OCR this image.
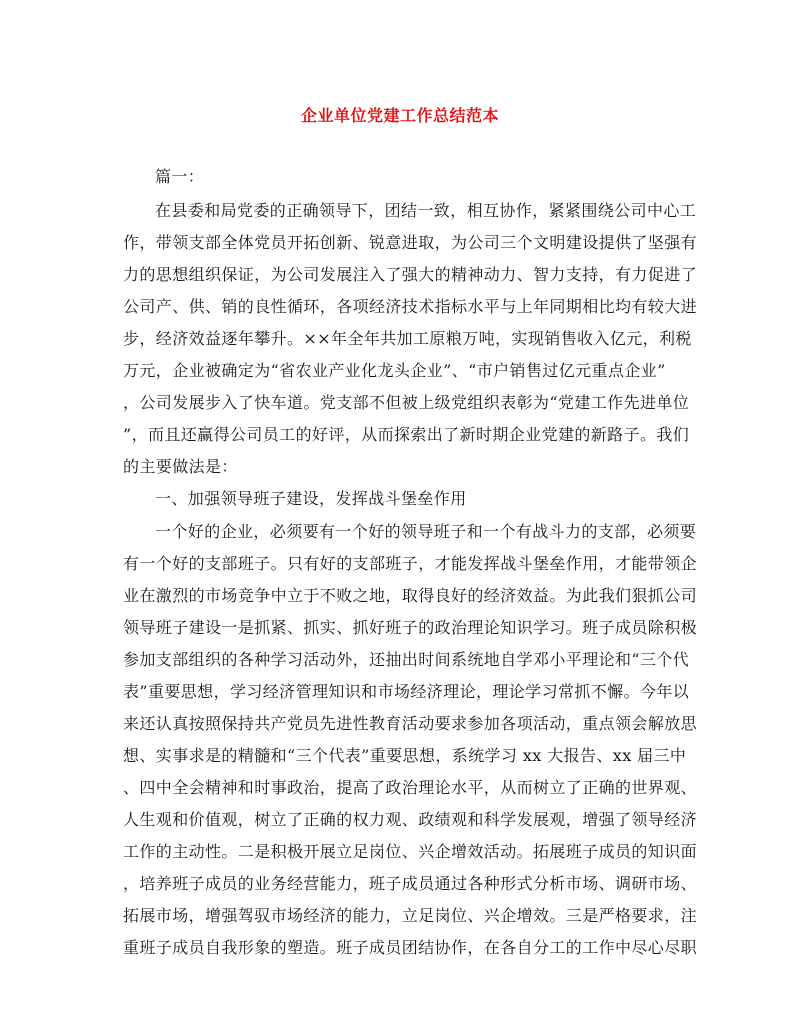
企业单位党建工作总结范本
篇一：
在县委和局党委的正确领导下，团结一致，相互协作，紧紧围绕公司中心工
作，带领支部全体党员开拓创新、锐意进取，为公司三个文明建设提供了坚强有
力的思想组织保证，为公司发展注入了强大的精神动力、智力支持，有力促进了
公司产、供、销的良性循环，各项经济技术指标水平与上年同期相比均有较大进
步，经济效益逐年攀升。××年全年共加工原粮万吨，实现销售收入亿元，利税
万元，企业被确定为“省农业产业化龙头企业”、“市户销售过亿元重点企业”
，公司发展步入了快车道。党支部不但被上级党组织表彰为“党建工作先进单位
”，而且还赢得公司员工的好评，从而探索出了新时期企业党建的新路子。我们
的主要做法是：
一、加强领导班子建设，发挥战斗堡垒作用
一个好的企业，必须要有一个好的领导班子和一个有战斗力的支部，必须要
有一个好的支部班子。只有好的支部班子，才能发挥战斗堡垒作用，才能带领企
业在激烈的市场竞争中立于不败之地，取得良好的经济效益。为此我们狠抓公司
领导班子建设一是抓紧、抓实、抓好班子的政治理论知识学习。班子成员除积极
参加支部组织的各种学习活动外，还抽出时间系统地自学邓小平理论和“三个代
表”重要思想，学习经济管理知识和市场经济理论，理论学习常抓不懈。今年以
来还认真按照保持共产党员先进性教育活动要求参加各项活动，重点领会解放思
想、实事求是的精髓和“三个代表”重要思想，系统学习 xx 大报告、xx 届三中
、四中全会精神和时事政治，提高了政治理论水平，从而树立了正确的世界观、
人生观和价值观，树立了正确的权力观、政绩观和科学发展观，增强了领导经济
工作的主动性。二是积极开展立足岗位、兴企增效活动。拓展班子成员的知识面
，培养班子成员的业务经营能力，班子成员通过各种形式分析市场、调研市场、
拓展市场，增强驾驭市场经济的能力，立足岗位、兴企增效。三是严格要求，注
重班子成员自我形象的塑造。班子成员团结协作，在各自分工的工作中尽心尽职
